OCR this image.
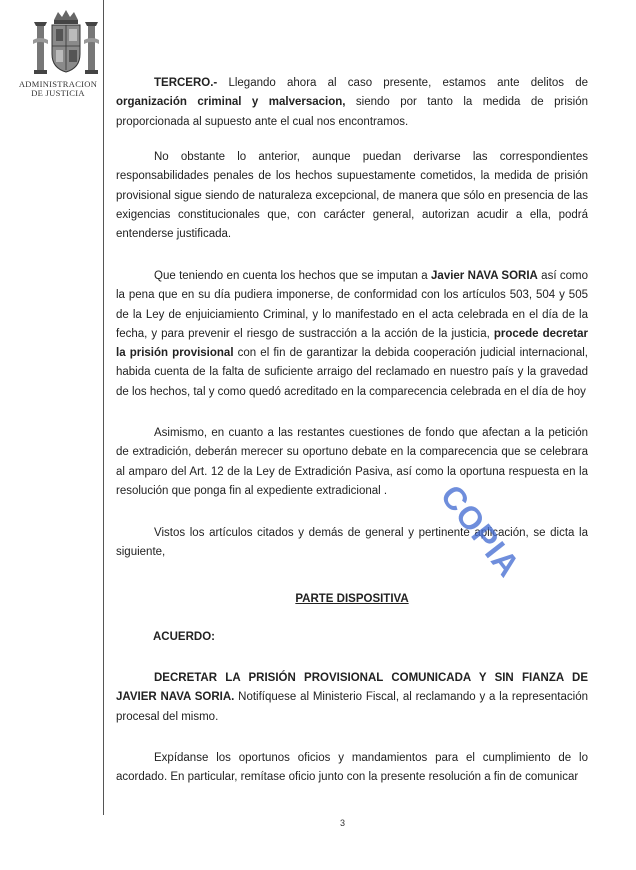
ADMINISTRACION
DE JUSTICIA

TERCERO.- Llegando ahora al caso presente, estamos ante delitos de organización criminal y malversacion, siendo por tanto la medida de prisión proporcionada al supuesto ante el cual nos encontramos.

No obstante lo anterior, aunque puedan derivarse las correspondientes responsabilidades penales de los hechos supuestamente cometidos, la medida de prisión provisional sigue siendo de naturaleza excepcional, de manera que sólo en presencia de las exigencias constitucionales que, con carácter general, autorizan acudir a ella, podrá entenderse justificada.

Que teniendo en cuenta los hechos que se imputan a Javier NAVA SORIA así como la pena que en su día pudiera imponerse, de conformidad con los artículos 503, 504 y 505 de la Ley de enjuiciamiento Criminal, y lo manifestado en el acta celebrada en el día de la fecha, y para prevenir el riesgo de sustracción a la acción de la justicia, procede decretar la prisión provisional con el fin de garantizar la debida cooperación judicial internacional, habida cuenta de la falta de suficiente arraigo del reclamado en nuestro país y la gravedad de los hechos, tal y como quedó acreditado en la comparecencia celebrada en el día de hoy

Asimismo, en cuanto a las restantes cuestiones de fondo que afectan a la petición de extradición, deberán merecer su oportuno debate en la comparecencia que se celebrara al amparo del Art. 12 de la Ley de Extradición Pasiva, así como la oportuna respuesta en la resolución que ponga fin al expediente extradicional .

Vistos los artículos citados y demás de general y pertinente aplicación, se dicta la siguiente,

PARTE DISPOSITIVA

ACUERDO:

DECRETAR LA PRISIÓN PROVISIONAL COMUNICADA Y SIN FIANZA DE JAVIER NAVA SORIA. Notifíquese al Ministerio Fiscal, al reclamando y a la representación procesal del mismo.

Expídanse los oportunos oficios y mandamientos para el cumplimiento de lo acordado. En particular, remítase oficio junto con la presente resolución a fin de comunicar

COPIA
3
